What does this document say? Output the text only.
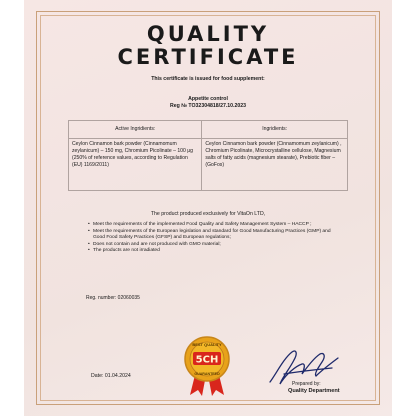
QUALITY
CERTIFICATE
This certificate is issued for food supplement:
Appetite control
Reg № TO32304818/27.10.2023
Active Ingridients:	Ingridients:
Ceylon Cinnamon bark powder (Cinnamomum zeylanicum) – 150 mg, Chromium Picolinate – 100 μg (250% of reference values, according to Regulation (EU) 1169/2011)	Ceylon Cinnamon bark powder (Cinnamomum zeylanicum) , Chromium Picolinate, Microcrystalline cellulose, Magnesium salts of fatty acids (magnesium stearate), Prebiotic fiber – (GoFos)
The product produced exclusively for VitaOn LTD,
• Meet the requirements of the implemented Food Quality and Safety Management System – HACCP ;
• Meet the requirements of the European legislation and standard for Good Manufacturing Practices (GMP) and Good Food Safety Practices (GFSP) and European regulations;
• Does not contain and are not produced with GMO material;
• The products are not irradiated
Reg. number: 02060035
BEST QUALITY
5CH
GUARANTEED
Date: 01.04.2024
Prepared by:
Quality Department
